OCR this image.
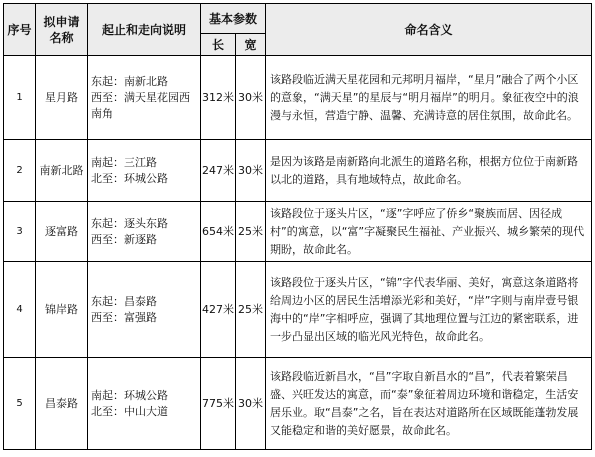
序号	拟申请名称	起止和走向说明	基本参数		命名含义
			长	宽	
1	星月路	东起：南新北路
西至：满天星花园西南角	312米	30米	该路段临近满天星花园和元邦明月福岸，“星月”融合了两个小区的意象，“满天星”的星辰与“明月福岸”的明月。象征夜空中的浪漫与永恒，营造宁静、温馨、充满诗意的居住氛围，故命此名。
2	南新北路	南起：三江路
北至：环城公路	247米	30米	是因为该路是南新路向北派生的道路名称，根据方位位于南新路以北的道路，具有地域特点，故此命名。
3	逐富路	东起：逐头东路
西至：新逐路	654米	25米	该路段位于逐头片区，“逐”字呼应了侨乡“聚族而居、因径成村”的寓意，以“富”字凝聚民生福祉、产业振兴、城乡繁荣的现代期盼，故命此名。
4	锦岸路	东起：昌泰路
西至：富强路	427米	25米	该路段位于逐头片区，“锦”字代表华丽、美好，寓意这条道路将给周边小区的居民生活增添光彩和美好，“岸”字则与南岸壹号银海中的“岸”字相呼应，强调了其地理位置与江边的紧密联系，进一步凸显出区域的临光风光特色，故命此名。
5	昌泰路	南起：环城公路
北至：中山大道	775米	30米	该路段临近新昌水，“昌”字取自新昌水的“昌”，代表着繁荣昌盛、兴旺发达的寓意，而“泰”象征着周边环境和谐稳定，生活安居乐业。取“昌泰”之名，旨在表达对道路所在区域既能蓬勃发展又能稳定和谐的美好愿景，故命此名。
